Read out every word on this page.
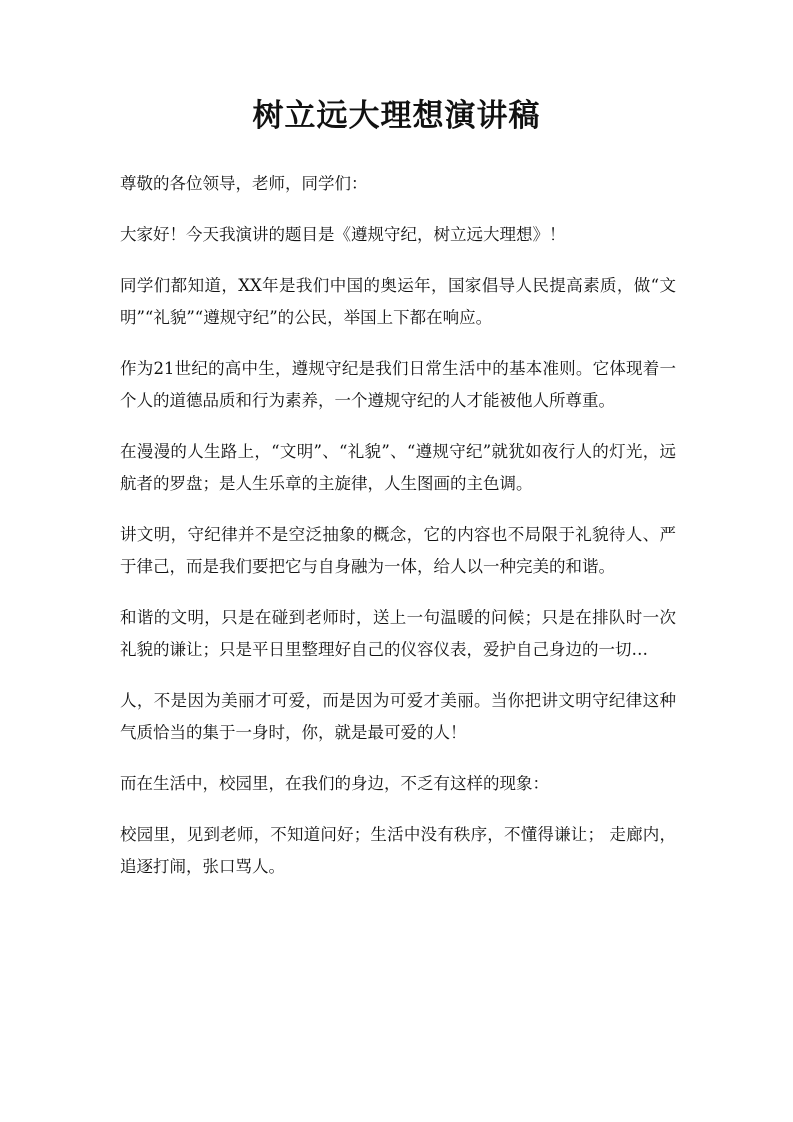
树立远大理想演讲稿

尊敬的各位领导，老师，同学们：

大家好！今天我演讲的题目是《遵规守纪，树立远大理想》！

同学们都知道，XX年是我们中国的奥运年，国家倡导人民提高素质，做“文明”“礼貌”“遵规守纪”的公民，举国上下都在响应。

作为21世纪的高中生，遵规守纪是我们日常生活中的基本准则。它体现着一个人的道德品质和行为素养，一个遵规守纪的人才能被他人所尊重。

在漫漫的人生路上，“文明”、“礼貌”、“遵规守纪”就犹如夜行人的灯光，远航者的罗盘；是人生乐章的主旋律，人生图画的主色调。

讲文明，守纪律并不是空泛抽象的概念，它的内容也不局限于礼貌待人、严于律己，而是我们要把它与自身融为一体，给人以一种完美的和谐。

和谐的文明，只是在碰到老师时，送上一句温暖的问候；只是在排队时一次礼貌的谦让；只是平日里整理好自己的仪容仪表，爱护自己身边的一切…

人，不是因为美丽才可爱，而是因为可爱才美丽。当你把讲文明守纪律这种气质恰当的集于一身时，你，就是最可爱的人！

而在生活中，校园里，在我们的身边，不乏有这样的现象：

校园里，见到老师，不知道问好；生活中没有秩序，不懂得谦让； 走廊内，追逐打闹，张口骂人。
